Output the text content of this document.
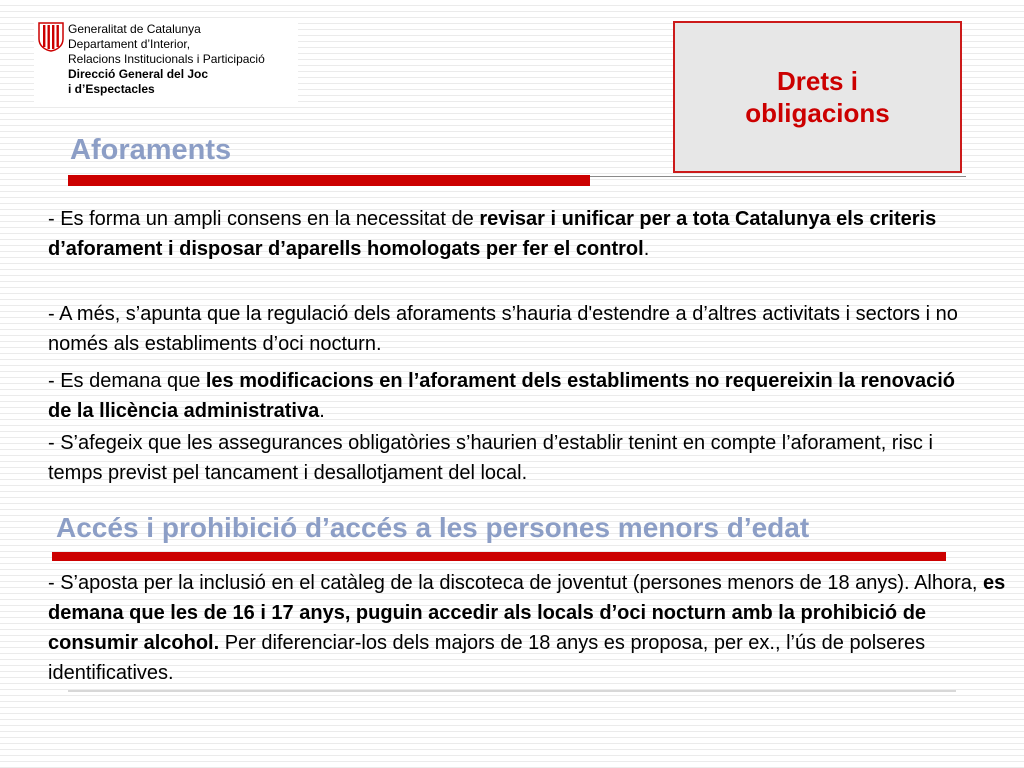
Generalitat de Catalunya
Departament d’Interior,
Relacions Institucionals i Participació
Direcció General del Joc
i d’Espectacles	Drets i obligacions
Aforaments

- Es forma un ampli consens en la necessitat de revisar i unificar per a tota Catalunya els criteris d’aforament i disposar d’aparells homologats per fer el control.

- A més, s’apunta que la regulació dels aforaments s’hauria d'estendre a d’altres activitats i sectors i no només als establiments d’oci nocturn.

- Es demana que les modificacions en l’aforament dels establiments no requereixin la renovació de la llicència administrativa.

- S’afegeix que les assegurances obligatòries s’haurien d’establir tenint en compte l’aforament, risc i temps previst pel tancament i desallotjament del local.

Accés i prohibició d’accés a les persones menors d’edat

- S’aposta per la inclusió en el catàleg de la discoteca de joventut (persones menors de 18 anys). Alhora, es demana que les de 16 i 17 anys, puguin accedir als locals d’oci nocturn amb la prohibició de consumir alcohol. Per diferenciar-los dels majors de 18 anys es proposa, per ex., l’ús de polseres identificatives.
